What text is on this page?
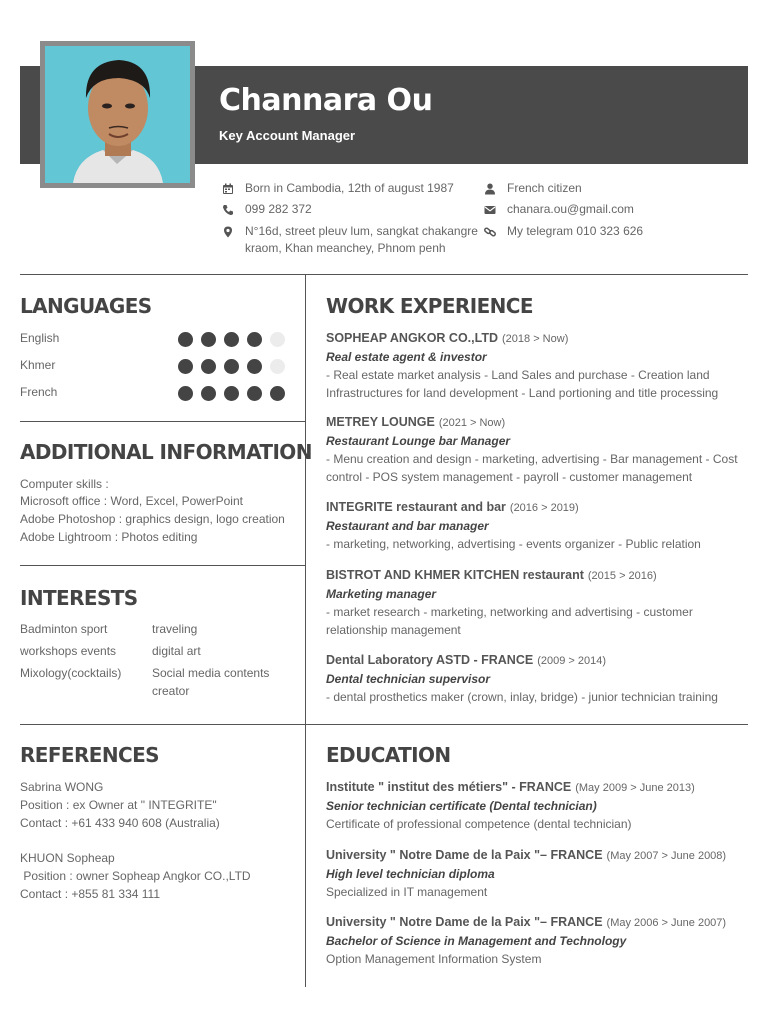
Channara Ou
Key Account Manager
Born in Cambodia, 12th of august 1987
099 282 372
N°16d, street pleuv lum, sangkat chakangre
kraom, Khan meanchey, Phnom penh
French citizen
chanara.ou@gmail.com
My telegram 010 323 626
LANGUAGES
English
Khmer
French
ADDITIONAL INFORMATION
Computer skills :
Microsoft office : Word, Excel, PowerPoint
Adobe Photoshop : graphics design, logo creation
Adobe Lightroom : Photos editing
INTERESTS
Badminton sport
workshops events
Mixology(cocktails)
traveling
digital art
Social media contents
creator
REFERENCES
Sabrina WONG
Position : ex Owner at " INTEGRITE"
Contact : +61 433 940 608 (Australia)
KHUON Sopheap
Position : owner Sopheap Angkor CO.,LTD
Contact : +855 81 334 111
WORK EXPERIENCE
SOPHEAP ANGKOR CO.,LTD (2018 > Now)
Real estate agent & investor
- Real estate market analysis - Land Sales and purchase - Creation land
Infrastructures for land development - Land portioning and title processing
METREY LOUNGE (2021 > Now)
Restaurant Lounge bar Manager
- Menu creation and design - marketing, advertising - Bar management - Cost
control - POS system management - payroll - customer management
INTEGRITE restaurant and bar (2016 > 2019)
Restaurant and bar manager
- marketing, networking, advertising - events organizer - Public relation
BISTROT AND KHMER KITCHEN restaurant (2015 > 2016)
Marketing manager
- market research - marketing, networking and advertising - customer
relationship management
Dental Laboratory ASTD - FRANCE (2009 > 2014)
Dental technician supervisor
- dental prosthetics maker (crown, inlay, bridge) - junior technician training
EDUCATION
Institute " institut des métiers" - FRANCE (May 2009 > June 2013)
Senior technician certificate (Dental technician)
Certificate of professional competence (dental technician)
University " Notre Dame de la Paix "– FRANCE (May 2007 > June 2008)
High level technician diploma
Specialized in IT management
University " Notre Dame de la Paix "– FRANCE (May 2006 > June 2007)
Bachelor of Science in Management and Technology
Option Management Information System
